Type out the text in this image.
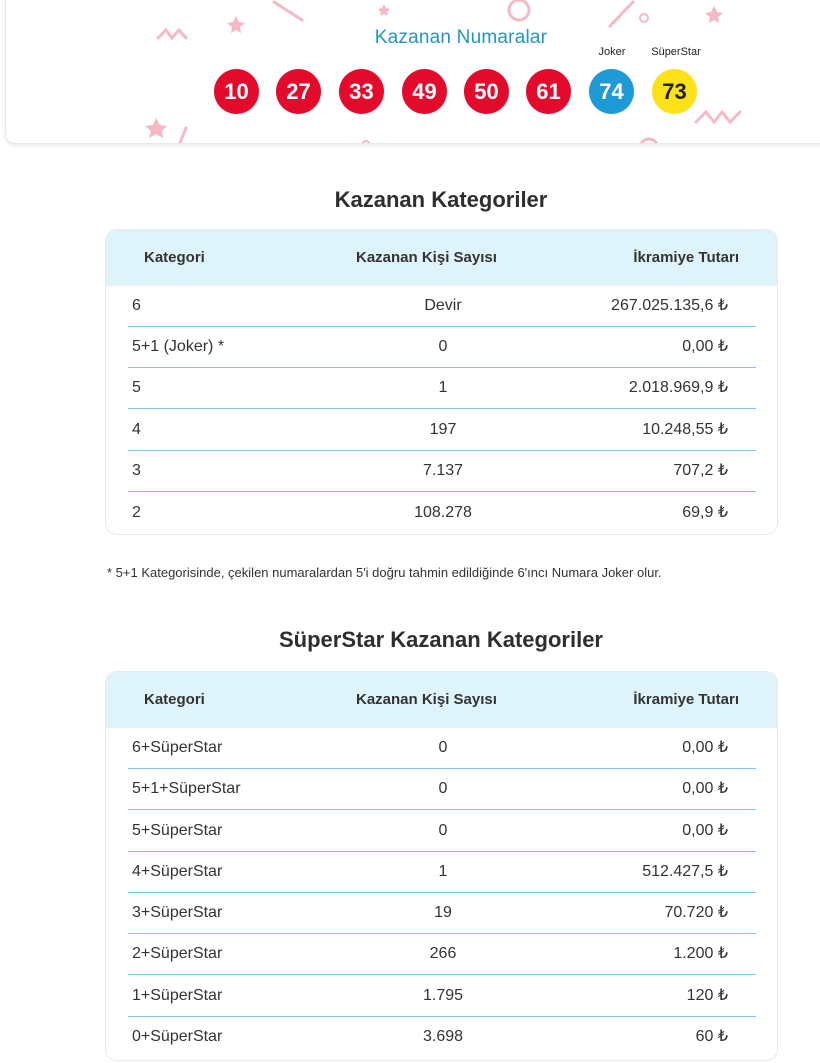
Kazanan Numaralar
10	27	33	49	50	61
Joker
74
SüperStar
73
Kazanan Kategoriler
Kategori	Kazanan Kişi Sayısı	İkramiye Tutarı
6	Devir	267.025.135,6 ₺
5+1 (Joker) *	0	0,00 ₺
5	1	2.018.969,9 ₺
4	197	10.248,55 ₺
3	7.137	707,2 ₺
2	108.278	69,9 ₺
* 5+1 Kategorisinde, çekilen numaralardan 5'i doğru tahmin edildiğinde 6'ıncı Numara Joker olur.
SüperStar Kazanan Kategoriler
Kategori	Kazanan Kişi Sayısı	İkramiye Tutarı
6+SüperStar	0	0,00 ₺
5+1+SüperStar	0	0,00 ₺
5+SüperStar	0	0,00 ₺
4+SüperStar	1	512.427,5 ₺
3+SüperStar	19	70.720 ₺
2+SüperStar	266	1.200 ₺
1+SüperStar	1.795	120 ₺
0+SüperStar	3.698	60 ₺
